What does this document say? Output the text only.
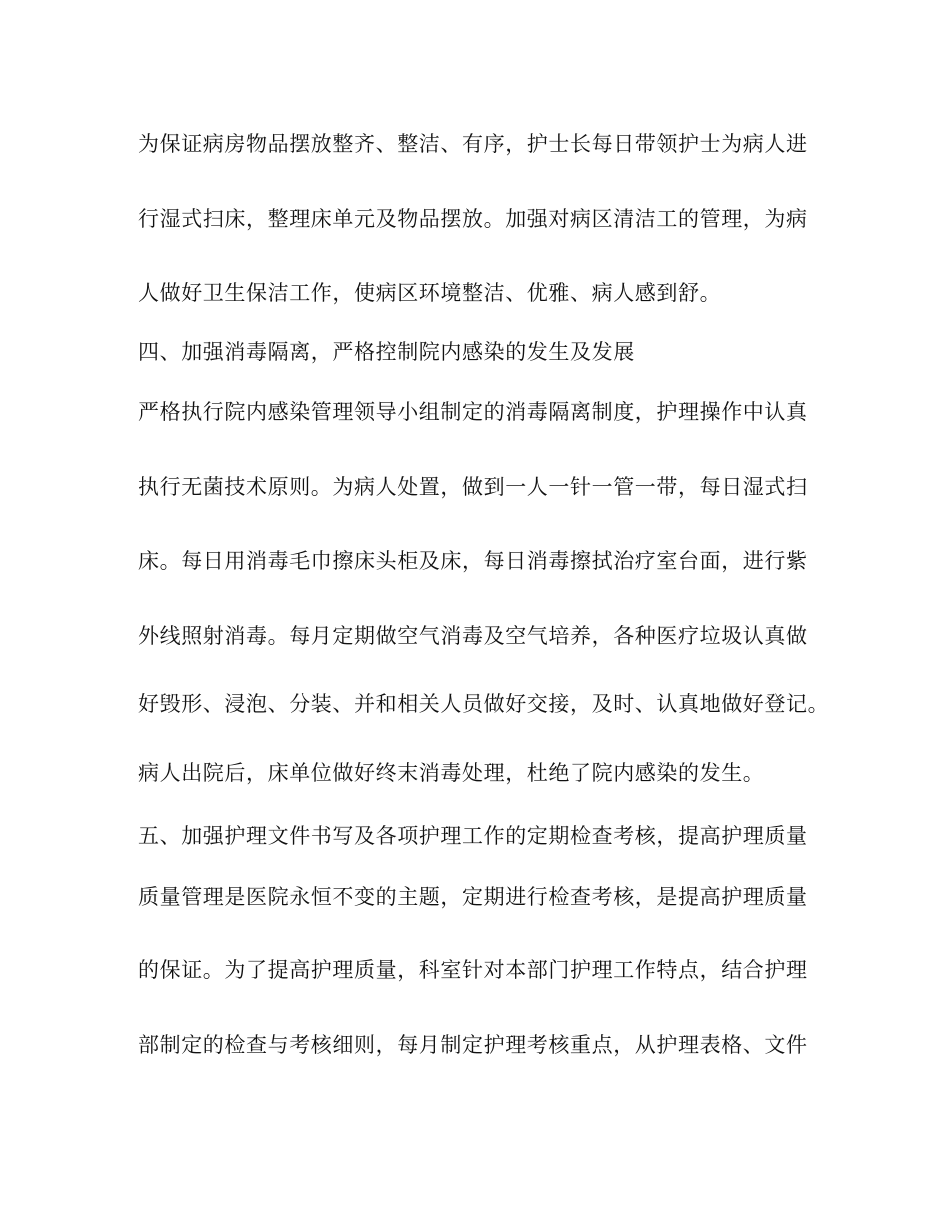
为保证病房物品摆放整齐、整洁、有序，护士长每日带领护士为病人进
行湿式扫床，整理床单元及物品摆放。加强对病区清洁工的管理，为病
人做好卫生保洁工作，使病区环境整洁、优雅、病人感到舒。
四、加强消毒隔离，严格控制院内感染的发生及发展
严格执行院内感染管理领导小组制定的消毒隔离制度，护理操作中认真
执行无菌技术原则。为病人处置，做到一人一针一管一带，每日湿式扫
床。每日用消毒毛巾擦床头柜及床，每日消毒擦拭治疗室台面，进行紫
外线照射消毒。每月定期做空气消毒及空气培养，各种医疗垃圾认真做
好毁形、浸泡、分装、并和相关人员做好交接，及时、认真地做好登记。
病人出院后，床单位做好终末消毒处理，杜绝了院内感染的发生。
五、加强护理文件书写及各项护理工作的定期检查考核，提高护理质量
质量管理是医院永恒不变的主题，定期进行检查考核，是提高护理质量
的保证。为了提高护理质量，科室针对本部门护理工作特点，结合护理
部制定的检查与考核细则，每月制定护理考核重点，从护理表格、文件
